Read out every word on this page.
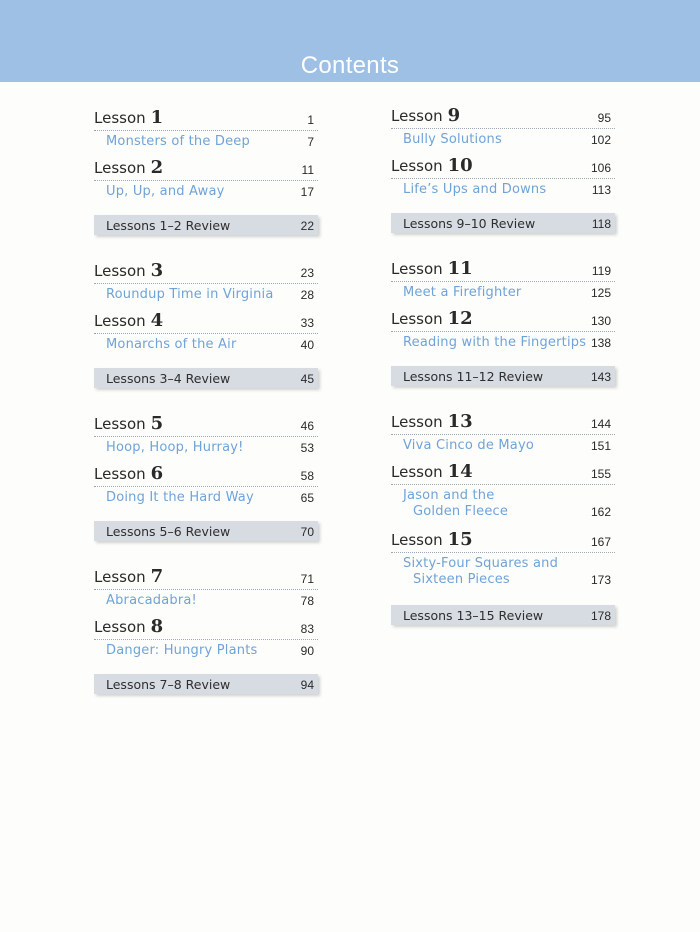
Contents
Lesson 1	1
Monsters of the Deep	7
Lesson 2	11
Up, Up, and Away	17
Lessons 1–2 Review	22
Lesson 3	23
Roundup Time in Virginia 28
Lesson 4	33
Monarchs of the Air	40
Lessons 3–4 Review	45
Lesson 5	46
Hoop, Hoop, Hurray!	53
Lesson 6	58
Doing It the Hard Way	65
Lessons 5–6 Review	70
Lesson 7	71
Abracadabra!	78
Lesson 8	83
Danger: Hungry Plants	90
Lessons 7–8 Review	94
Lesson 9	95
Bully Solutions	102
Lesson 10	106
Life’s Ups and Downs	113
Lessons 9–10 Review	118
Lesson 11	119
Meet a Firefighter	125
Lesson 12	130
Reading with the Fingertips 138
Lessons 11–12 Review	143
Lesson 13	144
Viva Cinco de Mayo	151
Lesson 14	155
Jason and the
Golden Fleece	162
Lesson 15	167
Sixty-Four Squares and
Sixteen Pieces	173
Lessons 13–15 Review	178
